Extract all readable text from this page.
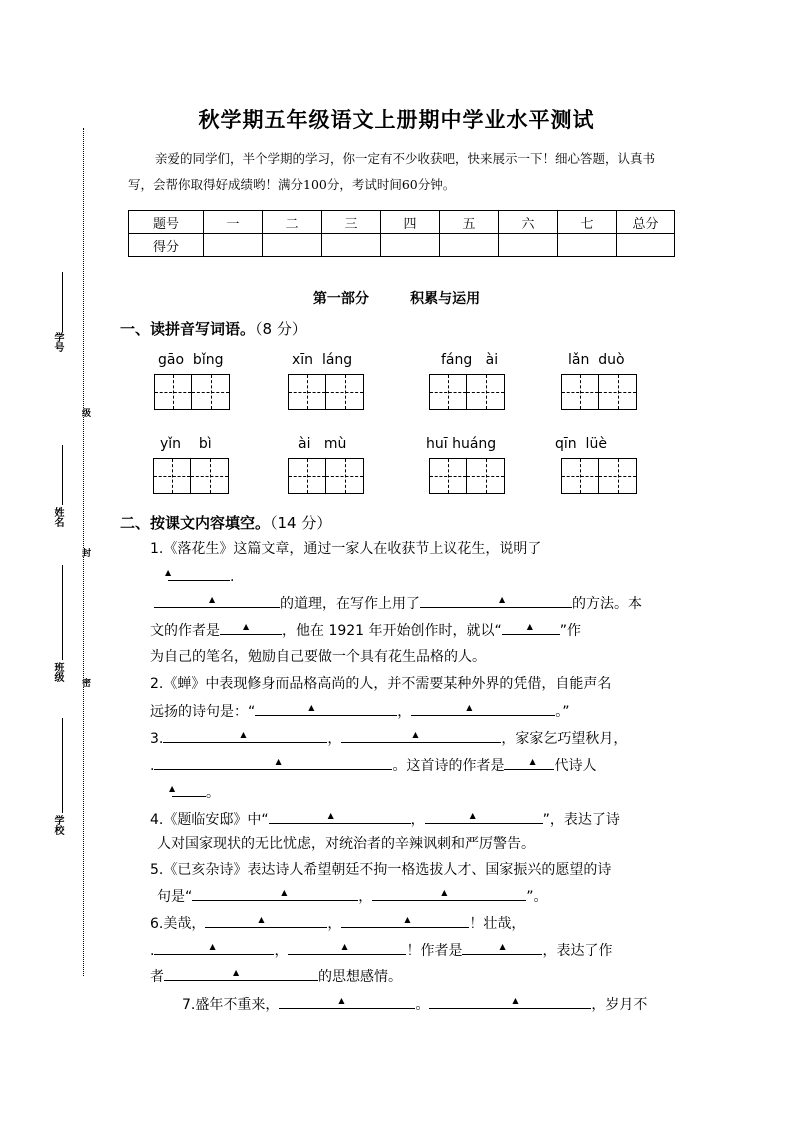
学号
级
姓名
封
班级
密
学校
秋学期五年级语文上册期中学业水平测试
亲爱的同学们，半个学期的学习，你一定有不少收获吧，快来展示一下！细心答题，认真书写，会帮你取得好成绩哟！满分100分，考试时间60分钟。
题号	一	二	三	四	五	六	七	总分
得分								
第一部分	积累与运用
一、读拼音写词语。（8 分）
gāo  bǐng	xīn  láng	fáng   ài	lǎn  duò
yǐn    bì	ài   mù	huī huáng	qīn  lüè
二、按课文内容填空。（14 分）
1.《落花生》这篇文章，通过一家人在收获节上议花生，说明了
▲	.
▲	的道理，在写作上用了	▲	的方法。本
文的作者是	▲ ，他在 1921 年开始创作时，就以“	▲ ”作
为自己的笔名，勉励自己要做一个具有花生品格的人。
2.《蝉》中表现修身而品格高尚的人，并不需要某种外界的凭借，自能声名
远扬的诗句是：“	▲	，	▲	。”
3.	▲	，	▲	，家家乞巧望秋月，
.	▲	。这首诗的作者是	▲ 代诗人
▲ 。
4.《题临安邸》中“	▲	，	▲	”，表达了诗
人对国家现状的无比忧虑，对统治者的辛辣讽刺和严厉警告。
5.《已亥杂诗》表达诗人希望朝廷不拘一格选拔人才、国家振兴的愿望的诗
句是“	▲	，	▲	”。
6.美哉，	▲	，	▲	！壮哉，
.	▲	，	▲	！作者是	▲	，表达了作
者	▲	的思想感情。
7.盛年不重来，	▲	。	▲	，岁月不
